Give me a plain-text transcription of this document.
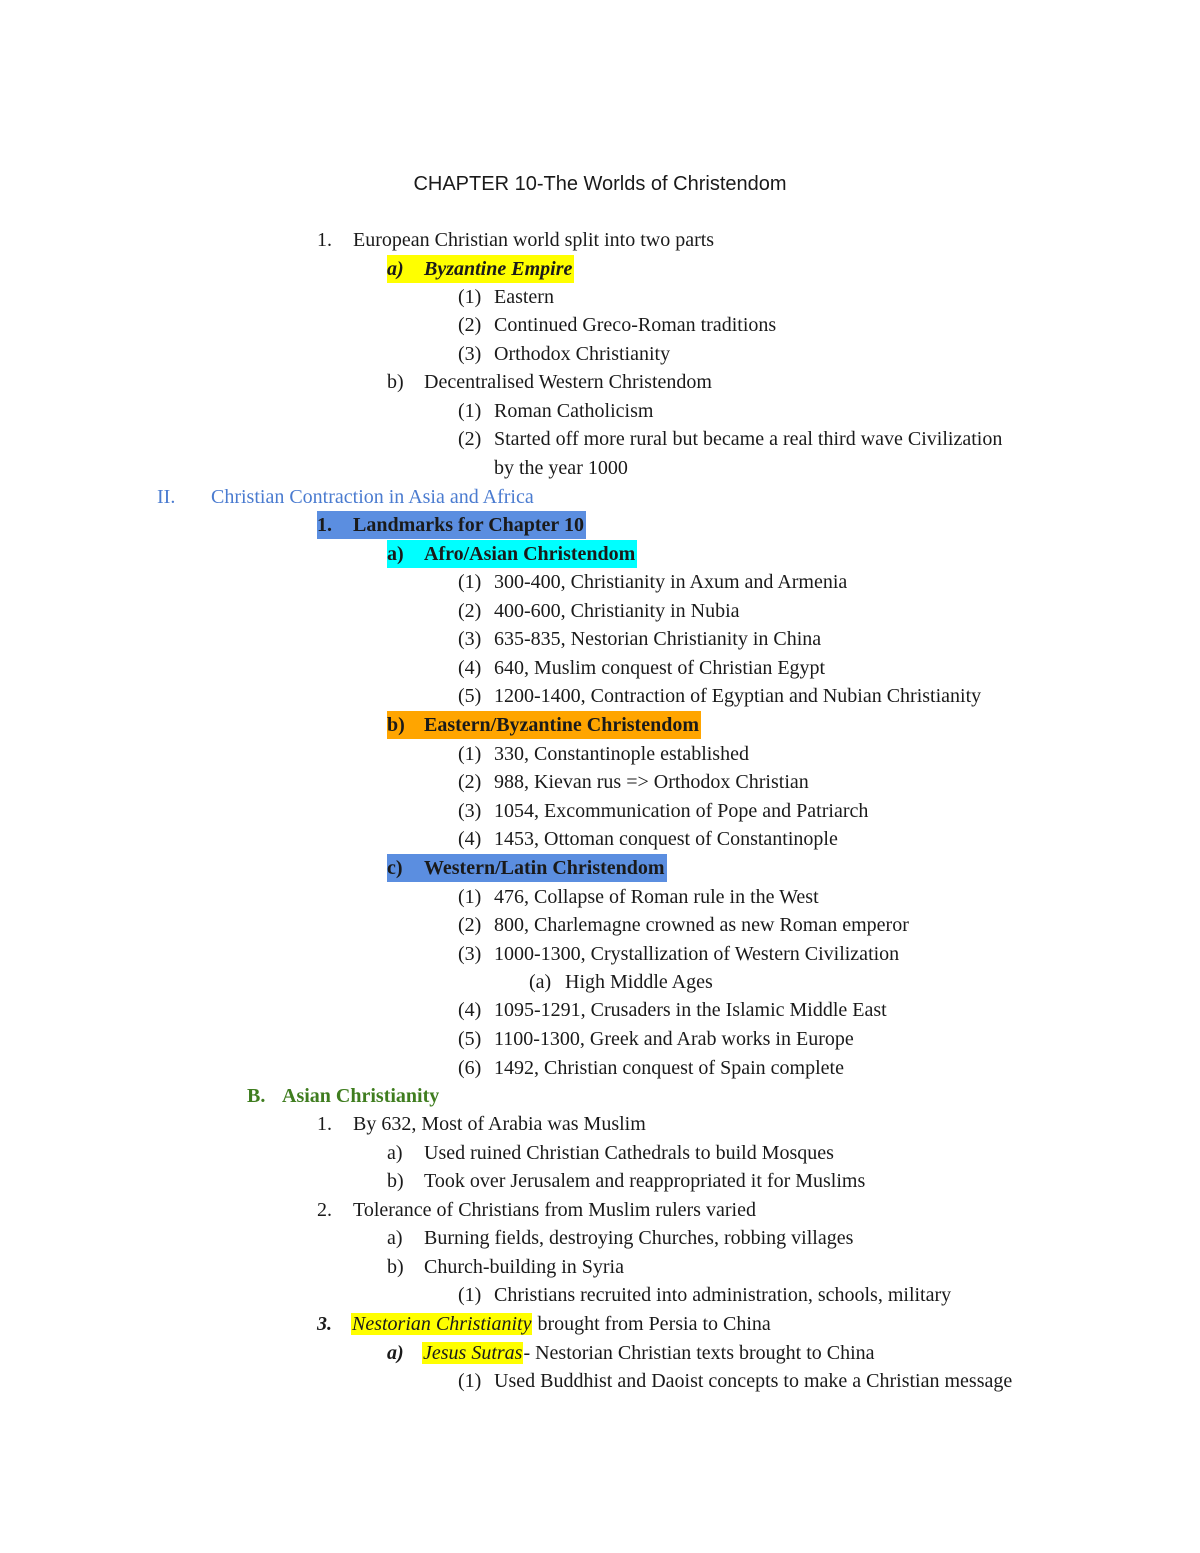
CHAPTER 10-The Worlds of Christendom
1. European Christian world split into two parts
a)	Byzantine Empire
(1) Eastern
(2) Continued Greco-Roman traditions
(3) Orthodox Christianity
b) Decentralised Western Christendom
(1) Roman Catholicism
(2) Started off more rural but became a real third wave Civilization
by the year 1000
II. Christian Contraction in Asia and Africa
1.	Landmarks for Chapter 10
a)	Afro/Asian Christendom
(1) 300-400, Christianity in Axum and Armenia
(2) 400-600, Christianity in Nubia
(3) 635-835, Nestorian Christianity in China
(4) 640, Muslim conquest of Christian Egypt
(5) 1200-1400, Contraction of Egyptian and Nubian Christianity
b) Eastern/Byzantine Christendom
(1) 330, Constantinople established
(2) 988, Kievan rus => Orthodox Christian
(3) 1054, Excommunication of Pope and Patriarch
(4) 1453, Ottoman conquest of Constantinople
c)	Western/Latin Christendom
(1) 476, Collapse of Roman rule in the West
(2) 800, Charlemagne crowned as new Roman emperor
(3) 1000-1300, Crystallization of Western Civilization
(a) High Middle Ages
(4) 1095-1291, Crusaders in the Islamic Middle East
(5) 1100-1300, Greek and Arab works in Europe
(6) 1492, Christian conquest of Spain complete
B. Asian Christianity
1. By 632, Most of Arabia was Muslim
a) Used ruined Christian Cathedrals to build Mosques
b) Took over Jerusalem and reappropriated it for Muslims
2. Tolerance of Christians from Muslim rulers varied
a) Burning fields, destroying Churches, robbing villages
b) Church-building in Syria
(1) Christians recruited into administration, schools, military
3. Nestorian Christianity brought from Persia to China
a) Jesus Sutras- Nestorian Christian texts brought to China
(1) Used Buddhist and Daoist concepts to make a Christian message
